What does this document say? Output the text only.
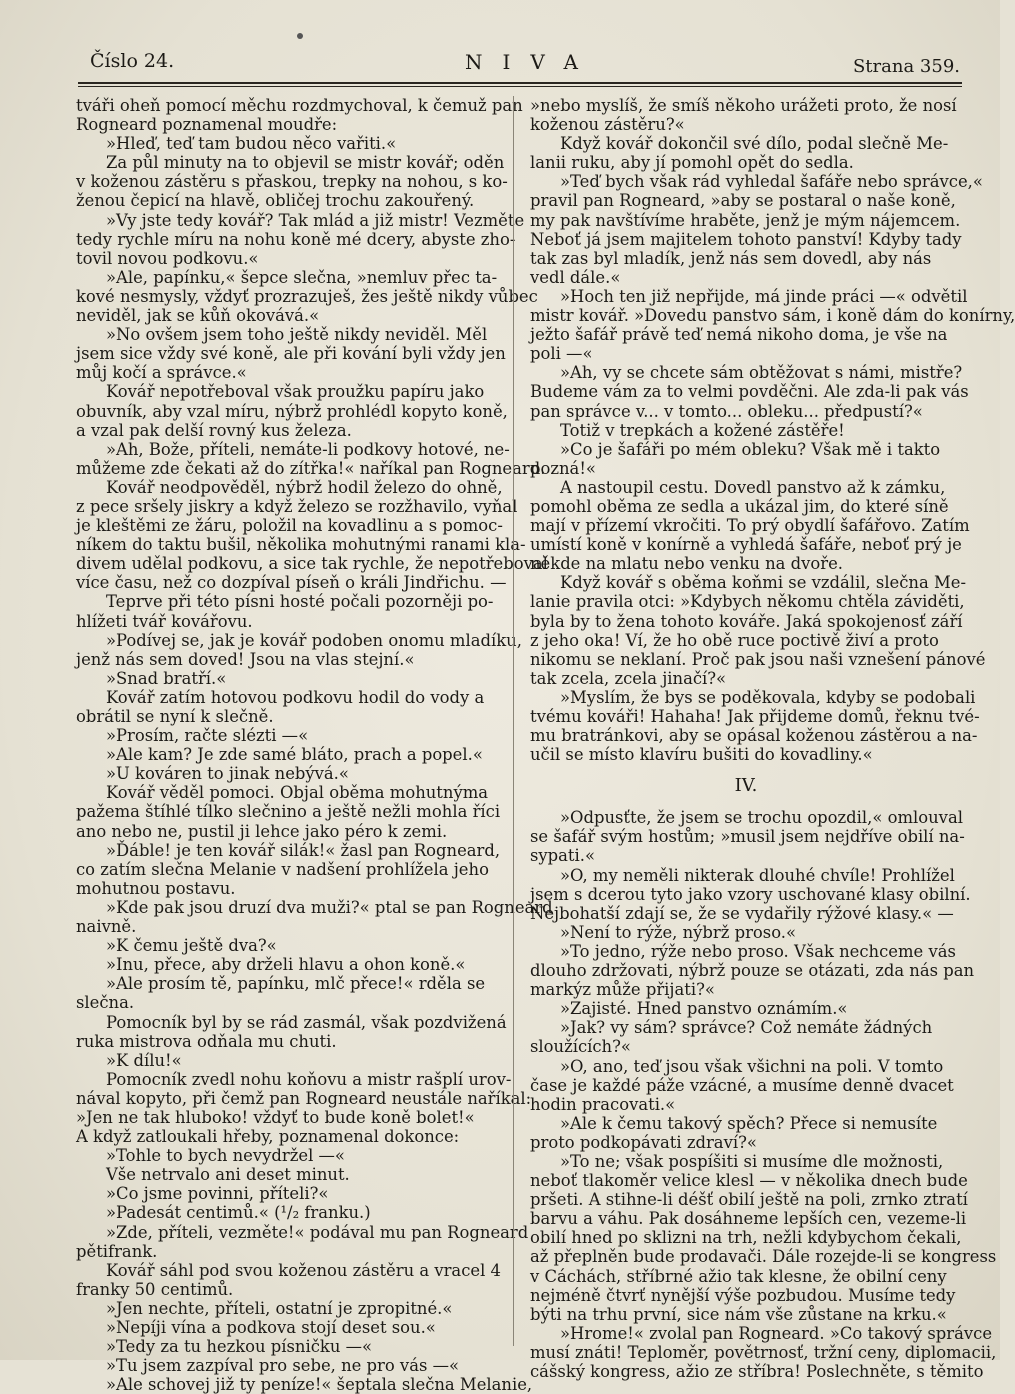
Číslo 24.	NIVA	Strana 359.
tváři oheň pomocí měchu rozdmychoval, k čemuž pan
Rogneard poznamenal moudře:
»Hleď, teď tam budou něco vařiti.«
Za půl minuty na to objevil se mistr kovář; oděn
v koženou zástěru s přaskou, trepky na nohou, s ko-
ženou čepicí na hlavě, obličej trochu zakouřený.
»Vy jste tedy kovář? Tak mlád a již mistr! Vezměte
tedy rychle míru na nohu koně mé dcery, abyste zho-
tovil novou podkovu.«
»Ale, papínku,« šepce slečna, »nemluv přec ta-
kové nesmysly, vždyť prozrazuješ, žes ještě nikdy vůbec
neviděl, jak se kůň okovává.«
»No ovšem jsem toho ještě nikdy neviděl. Měl
jsem sice vždy své koně, ale při kování byli vždy jen
můj kočí a správce.«
Kovář nepotřeboval však proužku papíru jako
obuvník, aby vzal míru, nýbrž prohlédl kopyto koně,
a vzal pak delší rovný kus železa.
»Ah, Bože, příteli, nemáte-li podkovy hotové, ne-
můžeme zde čekati až do zítřka!« naříkal pan Rogneard.
Kovář neodpověděl, nýbrž hodil železo do ohně,
z pece sršely jiskry a když železo se rozžhavilo, vyňal
je kleštěmi ze žáru, položil na kovadlinu a s pomoc-
níkem do taktu bušil, několika mohutnými ranami kla-
divem udělal podkovu, a sice tak rychle, že nepotřeboval
více času, než co dozpíval píseň o králi Jindřichu. —
Teprve při této písni hosté počali pozorněji po-
hlížeti tvář kovářovu.
»Podívej se, jak je kovář podoben onomu mladíku,
jenž nás sem doved! Jsou na vlas stejní.«
»Snad bratří.«
Kovář zatím hotovou podkovu hodil do vody a
obrátil se nyní k slečně.
»Prosím, račte slézti —«
»Ale kam? Je zde samé bláto, prach a popel.«
»U kováren to jinak nebývá.«
Kovář věděl pomoci. Objal oběma mohutnýma
pažema štíhlé tílko slečnino a ještě nežli mohla říci
ano nebo ne, pustil ji lehce jako péro k zemi.
»Ďáble! je ten kovář silák!« žasl pan Rogneard,
co zatím slečna Melanie v nadšení prohlížela jeho
mohutnou postavu.
»Kde pak jsou druzí dva muži?« ptal se pan Rogneard
naivně.
»K čemu ještě dva?«
»Inu, přece, aby drželi hlavu a ohon koně.«
»Ale prosím tě, papínku, mlč přece!« rděla se
slečna.
Pomocník byl by se rád zasmál, však pozdvižená
ruka mistrova odňala mu chuti.
»K dílu!«
Pomocník zvedl nohu koňovu a mistr rašplí urov-
nával kopyto, při čemž pan Rogneard neustále naříkal:
»Jen ne tak hluboko! vždyť to bude koně bolet!«
A když zatloukali hřeby, poznamenal dokonce:
»Tohle to bych nevydržel —«
Vše netrvalo ani deset minut.
»Co jsme povinni, příteli?«
»Padesát centimů.« (¹/₂ franku.)
»Zde, příteli, vezměte!« podával mu pan Rogneard
pětifrank.
Kovář sáhl pod svou koženou zástěru a vracel 4
franky 50 centimů.
»Jen nechte, příteli, ostatní je zpropitné.«
»Nepíji vína a podkova stojí deset sou.«
»Tedy za tu hezkou písničku —«
»Tu jsem zazpíval pro sebe, ne pro vás —«
»Ale schovej již ty peníze!« šeptala slečna Melanie,
»nebo myslíš, že smíš někoho urážeti proto, že nosí
koženou zástěru?«
Když kovář dokončil své dílo, podal slečně Me-
lanii ruku, aby jí pomohl opět do sedla.
»Teď bych však rád vyhledal šafáře nebo správce,«
pravil pan Rogneard, »aby se postaral o naše koně,
my pak navštívíme hraběte, jenž je mým nájemcem.
Neboť já jsem majitelem tohoto panství! Kdyby tady
tak zas byl mladík, jenž nás sem dovedl, aby nás
vedl dále.«
»Hoch ten již nepřijde, má jinde práci —« odvětil
mistr kovář. »Dovedu panstvo sám, i koně dám do konírny,
ježto šafář právě teď nemá nikoho doma, je vše na
poli —«
»Ah, vy se chcete sám obtěžovat s námi, mistře?
Budeme vám za to velmi povděčni. Ale zda-li pak vás
pan správce v... v tomto... obleku... předpustí?«
Totiž v trepkách a kožené zástěře!
»Co je šafáři po mém obleku? Však mě i takto
pozná!«
A nastoupil cestu. Dovedl panstvo až k zámku,
pomohl oběma ze sedla a ukázal jim, do které síně
mají v přízemí vkročiti. To prý obydlí šafářovo. Zatím
umístí koně v konírně a vyhledá šafáře, neboť prý je
někde na mlatu nebo venku na dvoře.
Když kovář s oběma koňmi se vzdálil, slečna Me-
lanie pravila otci: »Kdybych někomu chtěla záviděti,
byla by to žena tohoto kováře. Jaká spokojenosť září
z jeho oka! Ví, že ho obě ruce poctivě živí a proto
nikomu se neklaní. Proč pak jsou naši vznešení pánové
tak zcela, zcela jinačí?«
»Myslím, že bys se poděkovala, kdyby se podobali
tvému kováři! Hahaha! Jak přijdeme domů, řeknu tvé-
mu bratránkovi, aby se opásal koženou zástěrou a na-
učil se místo klavíru bušiti do kovadliny.«
IV.
»Odpusťte, že jsem se trochu opozdil,« omlouval
se šafář svým hostům; »musil jsem nejdříve obilí na-
sypati.«
»O, my neměli nikterak dlouhé chvíle! Prohlížel
jsem s dcerou tyto jako vzory uschované klasy obilní.
Nejbohatší zdají se, že se vydařily rýžové klasy.« —
»Není to rýže, nýbrž proso.«
»To jedno, rýže nebo proso. Však nechceme vás
dlouho zdržovati, nýbrž pouze se otázati, zda nás pan
markýz může přijati?«
»Zajisté. Hned panstvo oznámím.«
»Jak? vy sám? správce? Což nemáte žádných
sloužících?«
»O, ano, teď jsou však všichni na poli. V tomto
čase je každé páže vzácné, a musíme denně dvacet
hodin pracovati.«
»Ale k čemu takový spěch? Přece si nemusíte
proto podkopávati zdraví?«
»To ne; však pospíšiti si musíme dle možnosti,
neboť tlakoměr velice klesl — v několika dnech bude
pršeti. A stihne-li déšť obilí ještě na poli, zrnko ztratí
barvu a váhu. Pak dosáhneme lepších cen, vezeme-li
obilí hned po sklizni na trh, nežli kdybychom čekali,
až přeplněn bude prodavači. Dále rozejde-li se kongress
v Cáchách, stříbrné ažio tak klesne, že obilní ceny
nejméně čtvrť nynější výše pozbudou. Musíme tedy
býti na trhu první, sice nám vše zůstane na krku.«
»Hrome!« zvolal pan Rogneard. »Co takový správce
musí znáti! Teploměr, povětrnosť, tržní ceny, diplomacii,
cášský kongress, ažio ze stříbra! Poslechněte, s těmito
